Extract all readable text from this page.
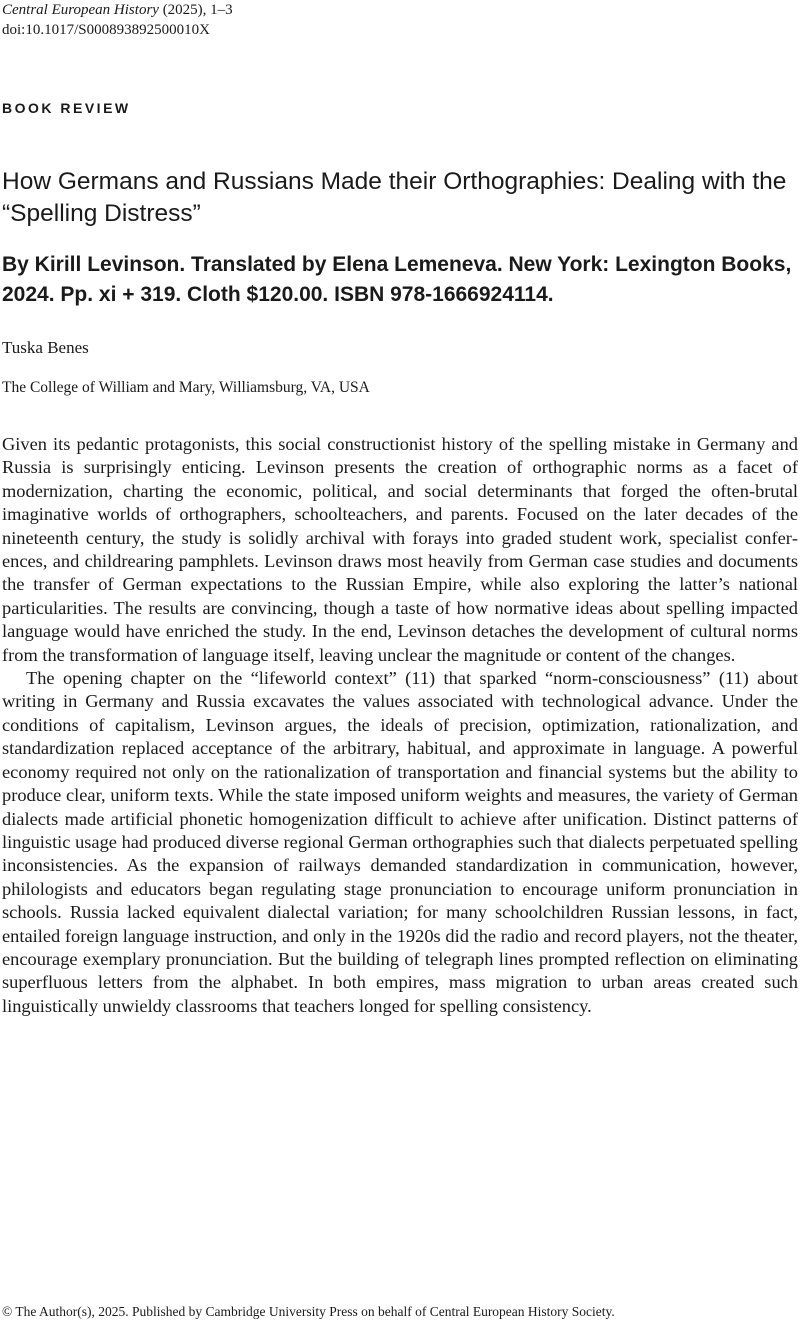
Central European History (2025), 1–3
doi:10.1017/S000893892500010X
BOOK REVIEW
How Germans and Russians Made their Orthographies: Dealing with the “Spelling Distress”

By Kirill Levinson. Translated by Elena Lemeneva. New York: Lexington Books, 2024. Pp. xi + 319. Cloth $120.00. ISBN 978-1666924114.

Tuska Benes
The College of William and Mary, Williamsburg, VA, USA

Given its pedantic protagonists, this social constructionist history of the spelling mistake in Germany and Russia is surprisingly enticing. Levinson presents the creation of orthographic norms as a facet of modernization, charting the economic, political, and social determinants that forged the often-brutal imaginative worlds of orthographers, schoolteachers, and parents. Focused on the later decades of the nineteenth century, the study is solidly archival with forays into graded student work, specialist conferences, and childrearing pamphlets. Levinson draws most heavily from German case studies and documents the transfer of German expectations to the Russian Empire, while also exploring the latter’s national particularities. The results are convincing, though a taste of how normative ideas about spelling impacted language would have enriched the study. In the end, Levinson detaches the development of cultural norms from the transformation of language itself, leaving unclear the magnitude or content of the changes.

The opening chapter on the “lifeworld context” (11) that sparked “norm-consciousness” (11) about writing in Germany and Russia excavates the values associated with technological advance. Under the conditions of capitalism, Levinson argues, the ideals of precision, optimization, rationalization, and standardization replaced acceptance of the arbitrary, habitual, and approximate in language. A powerful economy required not only on the rationalization of transportation and financial systems but the ability to produce clear, uniform texts. While the state imposed uniform weights and measures, the variety of German dialects made artificial phonetic homogenization difficult to achieve after unification. Distinct patterns of linguistic usage had produced diverse regional German orthographies such that dialects perpetuated spelling inconsistencies. As the expansion of railways demanded standardization in communication, however, philologists and educators began regulating stage pronunciation to encourage uniform pronunciation in schools. Russia lacked equivalent dialectal variation; for many schoolchildren Russian lessons, in fact, entailed foreign language instruction, and only in the 1920s did the radio and record players, not the theater, encourage exemplary pronunciation. But the building of telegraph lines prompted reflection on eliminating superfluous letters from the alphabet. In both empires, mass migration to urban areas created such linguistically unwieldy classrooms that teachers longed for spelling consistency.

© The Author(s), 2025. Published by Cambridge University Press on behalf of Central European History Society.
